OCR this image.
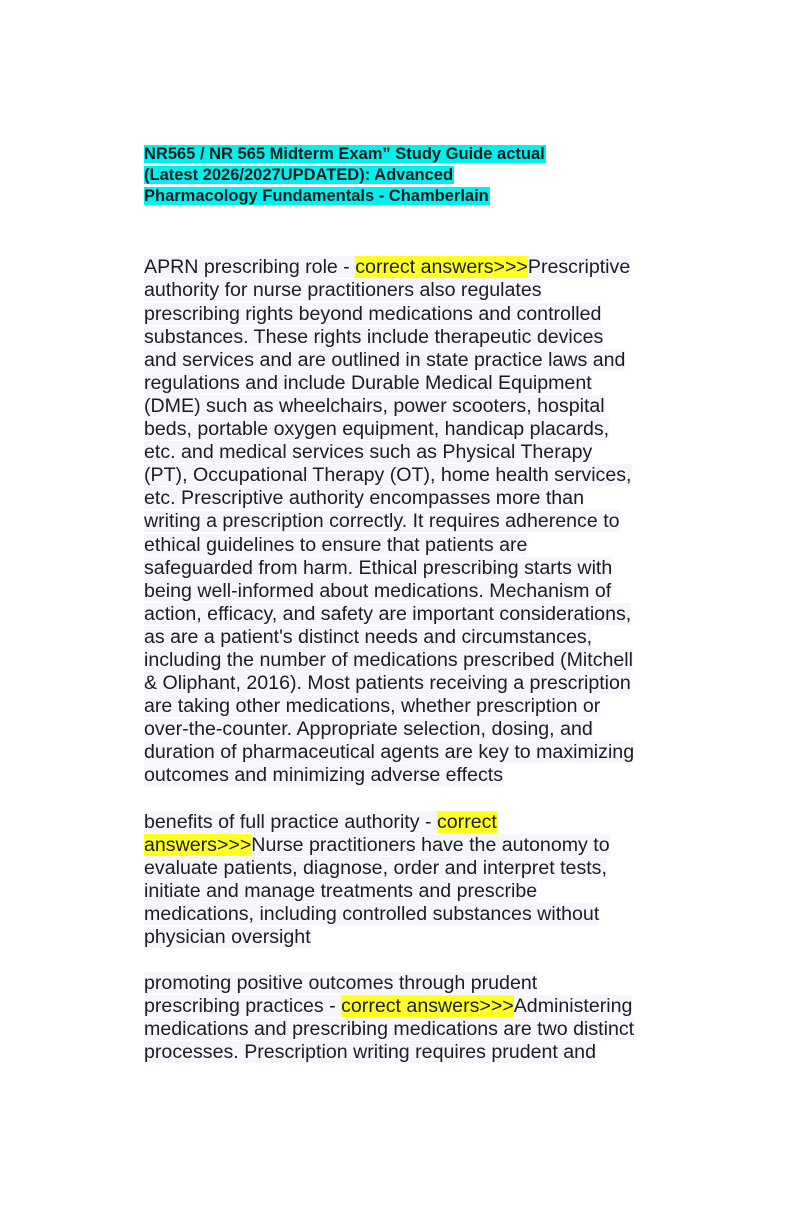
NR565 / NR 565 Midterm Exam” Study Guide actual
(Latest 2026/2027UPDATED): Advanced
Pharmacology Fundamentals - Chamberlain
APRN prescribing role - correct answers>>>Prescriptive
authority for nurse practitioners also regulates
prescribing rights beyond medications and controlled
substances. These rights include therapeutic devices
and services and are outlined in state practice laws and
regulations and include Durable Medical Equipment
(DME) such as wheelchairs, power scooters, hospital
beds, portable oxygen equipment, handicap placards,
etc. and medical services such as Physical Therapy
(PT), Occupational Therapy (OT), home health services,
etc. Prescriptive authority encompasses more than
writing a prescription correctly. It requires adherence to
ethical guidelines to ensure that patients are
safeguarded from harm. Ethical prescribing starts with
being well-informed about medications. Mechanism of
action, efficacy, and safety are important considerations,
as are a patient's distinct needs and circumstances,
including the number of medications prescribed (Mitchell
& Oliphant, 2016). Most patients receiving a prescription
are taking other medications, whether prescription or
over-the-counter. Appropriate selection, dosing, and
duration of pharmaceutical agents are key to maximizing
outcomes and minimizing adverse effects
benefits of full practice authority - correct
answers>>>Nurse practitioners have the autonomy to
evaluate patients, diagnose, order and interpret tests,
initiate and manage treatments and prescribe
medications, including controlled substances without
physician oversight
promoting positive outcomes through prudent
prescribing practices - correct answers>>>Administering
medications and prescribing medications are two distinct
processes. Prescription writing requires prudent and
